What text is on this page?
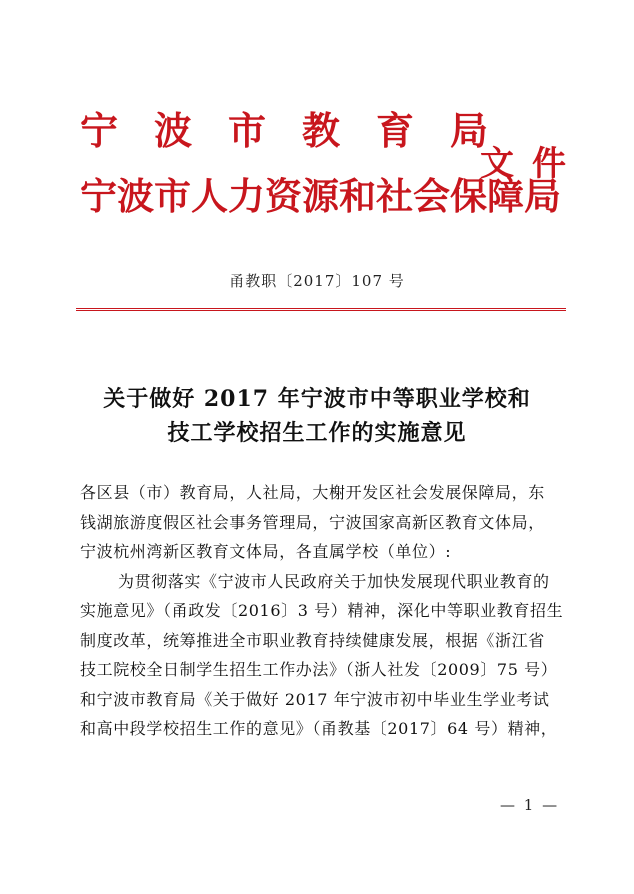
宁波市教育局
宁波市人力资源和社会保障局
文件
甬教职〔2017〕107 号
关于做好 2017 年宁波市中等职业学校和
技工学校招生工作的实施意见
各区县（市）教育局，人社局，大榭开发区社会发展保障局，东
钱湖旅游度假区社会事务管理局，宁波国家高新区教育文体局，
宁波杭州湾新区教育文体局，各直属学校（单位）:
为贯彻落实《宁波市人民政府关于加快发展现代职业教育的
实施意见》（甬政发〔2016〕3 号）精神，深化中等职业教育招生
制度改革，统筹推进全市职业教育持续健康发展，根据《浙江省
技工院校全日制学生招生工作办法》（浙人社发〔2009〕75 号）
和宁波市教育局《关于做好 2017 年宁波市初中毕业生学业考试
和高中段学校招生工作的意见》（甬教基〔2017〕64 号）精神，
— 1 —
